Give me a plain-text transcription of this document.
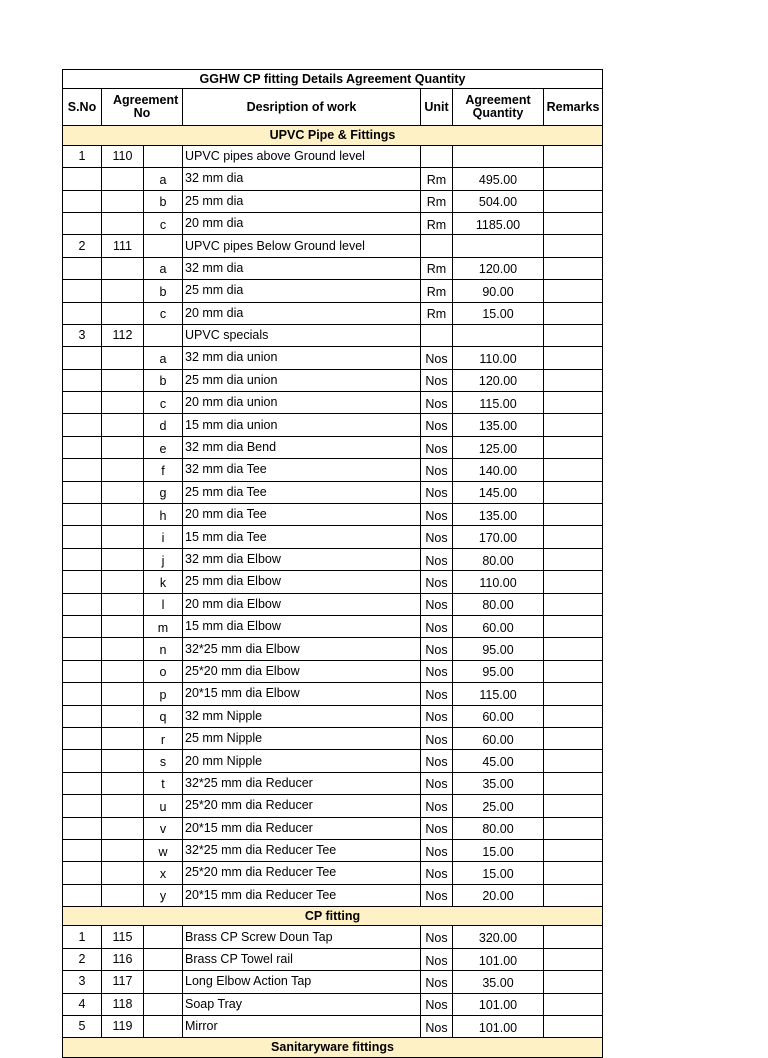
GGHW CP fitting Details Agreement Quantity						
S.No	Agreement No		Desription of work	Unit	Agreement Quantity	Remarks
UPVC Pipe & Fittings						
1	110		UPVC pipes above Ground level			
		a	32 mm dia	Rm	495.00	
		b	25 mm dia	Rm	504.00	
		c	20 mm dia	Rm	1185.00	
2	111		UPVC pipes Below Ground level			
		a	32 mm dia	Rm	120.00	
		b	25 mm dia	Rm	90.00	
		c	20 mm dia	Rm	15.00	
3	112		UPVC specials			
		a	32 mm dia union	Nos	110.00	
		b	25 mm dia union	Nos	120.00	
		c	20 mm dia union	Nos	115.00	
		d	15 mm dia union	Nos	135.00	
		e	32 mm dia Bend	Nos	125.00	
		f	32 mm dia Tee	Nos	140.00	
		g	25 mm dia Tee	Nos	145.00	
		h	20 mm dia Tee	Nos	135.00	
		i	15 mm dia Tee	Nos	170.00	
		j	32 mm dia Elbow	Nos	80.00	
		k	25 mm dia Elbow	Nos	110.00	
		l	20 mm dia Elbow	Nos	80.00	
		m	15 mm dia Elbow	Nos	60.00	
		n	32*25 mm dia Elbow	Nos	95.00	
		o	25*20 mm dia Elbow	Nos	95.00	
		p	20*15 mm dia Elbow	Nos	115.00	
		q	32 mm Nipple	Nos	60.00	
		r	25 mm Nipple	Nos	60.00	
		s	20 mm Nipple	Nos	45.00	
		t	32*25 mm dia Reducer	Nos	35.00	
		u	25*20 mm dia Reducer	Nos	25.00	
		v	20*15 mm dia Reducer	Nos	80.00	
		w	32*25 mm dia Reducer Tee	Nos	15.00	
		x	25*20 mm dia Reducer Tee	Nos	15.00	
		y	20*15 mm dia Reducer Tee	Nos	20.00	
CP fitting						
1	115		Brass CP Screw Doun Tap	Nos	320.00	
2	116		Brass CP Towel rail	Nos	101.00	
3	117		Long Elbow Action Tap	Nos	35.00	
4	118		Soap Tray	Nos	101.00	
5	119		Mirror	Nos	101.00	
Sanitaryware fittings						
